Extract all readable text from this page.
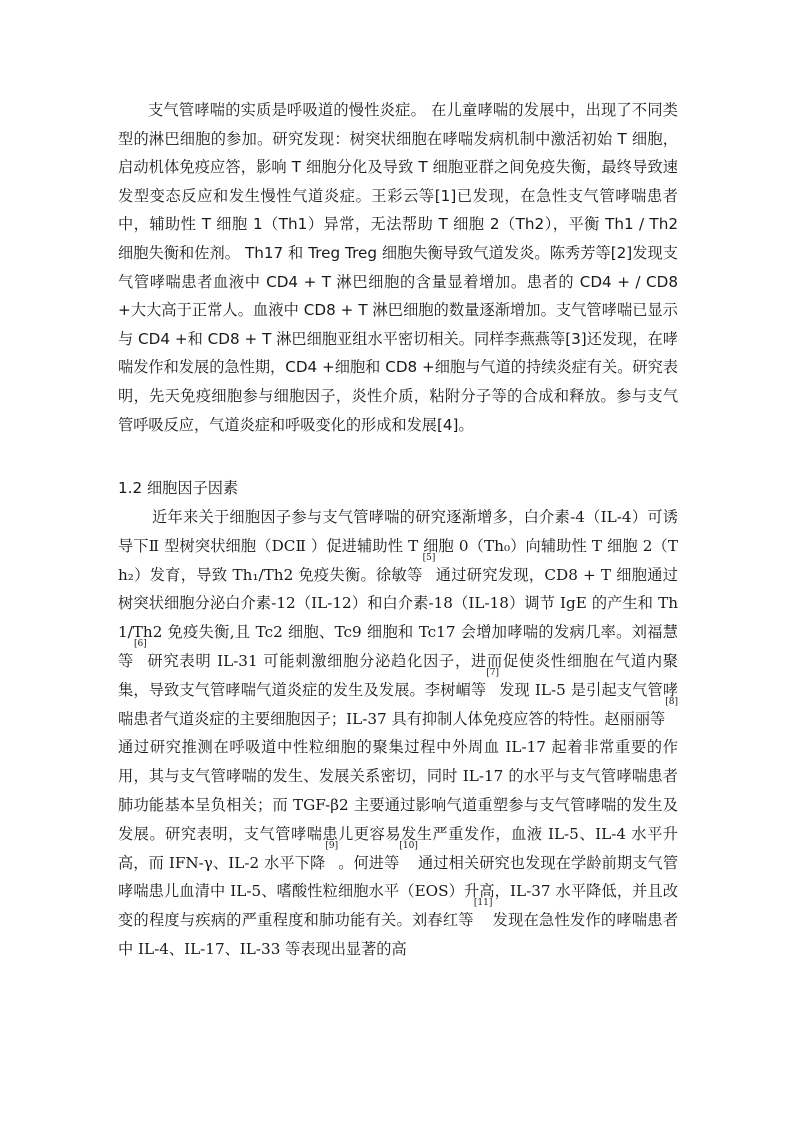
支气管哮喘的实质是呼吸道的慢性炎症。 在儿童哮喘的发展中，出现了不同类型的淋巴细胞的参加。研究发现：树突状细胞在哮喘发病机制中激活初始 T 细胞，启动机体免疫应答，影响 T 细胞分化及导致 T 细胞亚群之间免疫失衡，最终导致速发型变态反应和发生慢性气道炎症。王彩云等[1]已发现，在急性支气管哮喘患者中，辅助性 T 细胞 1（Th1）异常，无法帮助 T 细胞 2（Th2），平衡 Th1 / Th2 细胞失衡和佐剂。 Th17 和 Treg Treg 细胞失衡导致气道发炎。陈秀芳等[2]发现支气管哮喘患者血液中 CD4 + T 淋巴细胞的含量显着增加。患者的 CD4 + / CD8 +大大高于正常人。血液中 CD8 + T 淋巴细胞的数量逐渐增加。支气管哮喘已显示与 CD4 +和 CD8 + T 淋巴细胞亚组水平密切相关。同样李燕燕等[3]还发现，在哮喘发作和发展的急性期，CD4 +细胞和 CD8 +细胞与气道的持续炎症有关。研究表明，先天免疫细胞参与细胞因子，炎性介质，粘附分子等的合成和释放。参与支气管呼吸反应，气道炎症和呼吸变化的形成和发展[4]。

1.2 细胞因子因素

近年来关于细胞因子参与支气管哮喘的研究逐渐增多，白介素-4（IL-4）可诱导下Ⅱ 型树突状细胞（DCⅡ ）促进辅助性 T 细胞 0（Th₀）向辅助性 T 细胞 2（Th₂）发育，导致 Th₁/Th2 免疫失衡。徐敏等[5]通过研究发现，CD8 + T 细胞通过树突状细胞分泌白介素-12（IL-12）和白介素-18（IL-18）调节 IgE 的产生和 Th1/Th2 免疫失衡,且 Tc2 细胞、Tc9 细胞和 Tc17 会增加哮喘的发病几率。刘福慧等[6]研究表明 IL-31 可能刺激细胞分泌趋化因子，进而促使炎性细胞在气道内聚集，导致支气管哮喘气道炎症的发生及发展。李树嵋等[7]发现 IL-5 是引起支气管哮喘患者气道炎症的主要细胞因子；IL-37 具有抑制人体免疫应答的特性。赵丽丽等[8]通过研究推测在呼吸道中性粒细胞的聚集过程中外周血 IL-17 起着非常重要的作用，其与支气管哮喘的发生、发展关系密切，同时 IL-17 的水平与支气管哮喘患者肺功能基本呈负相关；而 TGF-β2 主要通过影响气道重塑参与支气管哮喘的发生及发展。研究表明，支气管哮喘患儿更容易发生严重发作，血液 IL-5、IL-4 水平升高，而 IFN-γ、IL-2 水平下降[9]。何进等[10]通过相关研究也发现在学龄前期支气管哮喘患儿血清中 IL-5、嗜酸性粒细胞水平（EOS）升高，IL-37 水平降低，并且改变的程度与疾病的严重程度和肺功能有关。刘春红等[11]发现在急性发作的哮喘患者中 IL-4、IL-17、IL-33 等表现出显著的高
